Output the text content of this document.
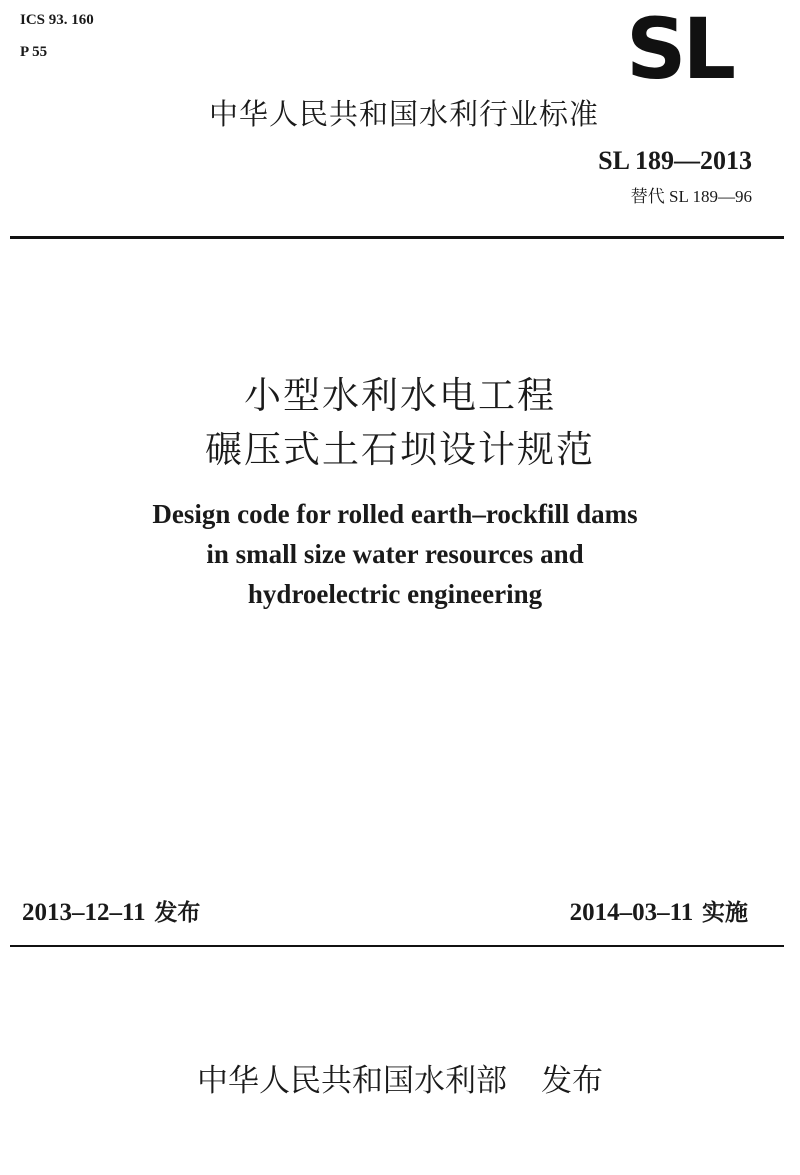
ICS 93. 160
P 55	SL
中华人民共和国水利行业标准
SL 189—2013
替代 SL 189—96
小型水利水电工程
碾压式土石坝设计规范
Design code for rolled earth–rockfill dams
in small size water resources and
hydroelectric engineering
2013–12–11 发布	2014–03–11 实施
中华人民共和国水利部 发布
